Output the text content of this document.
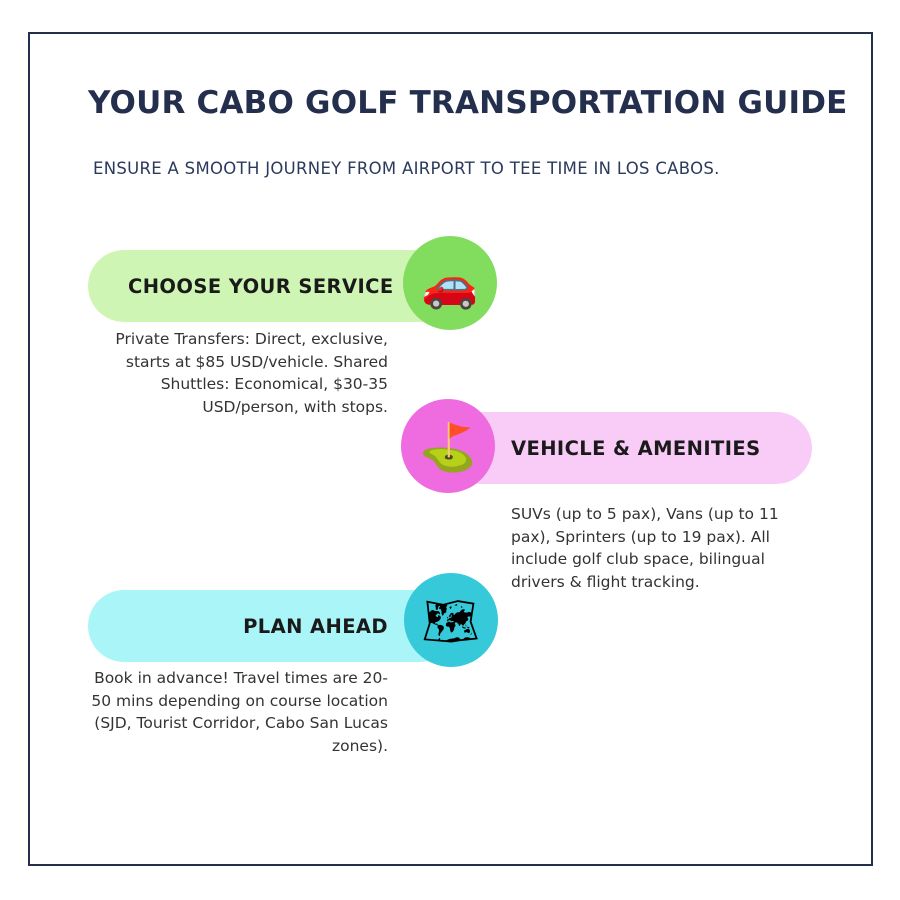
YOUR CABO GOLF TRANSPORTATION GUIDE
ENSURE A SMOOTH JOURNEY FROM AIRPORT TO TEE TIME IN LOS CABOS.
CHOOSE YOUR SERVICE 🚗
Private Transfers: Direct, exclusive, starts at $85 USD/vehicle. Shared Shuttles: Economical, $30-35 USD/person, with stops.
VEHICLE & AMENITIES
⛳
SUVs (up to 5 pax), Vans (up to 11 pax), Sprinters (up to 19 pax). All include golf club space, bilingual drivers & flight tracking.
PLAN AHEAD 🗺
Book in advance! Travel times are 20-50 mins depending on course location (SJD, Tourist Corridor, Cabo San Lucas zones).
